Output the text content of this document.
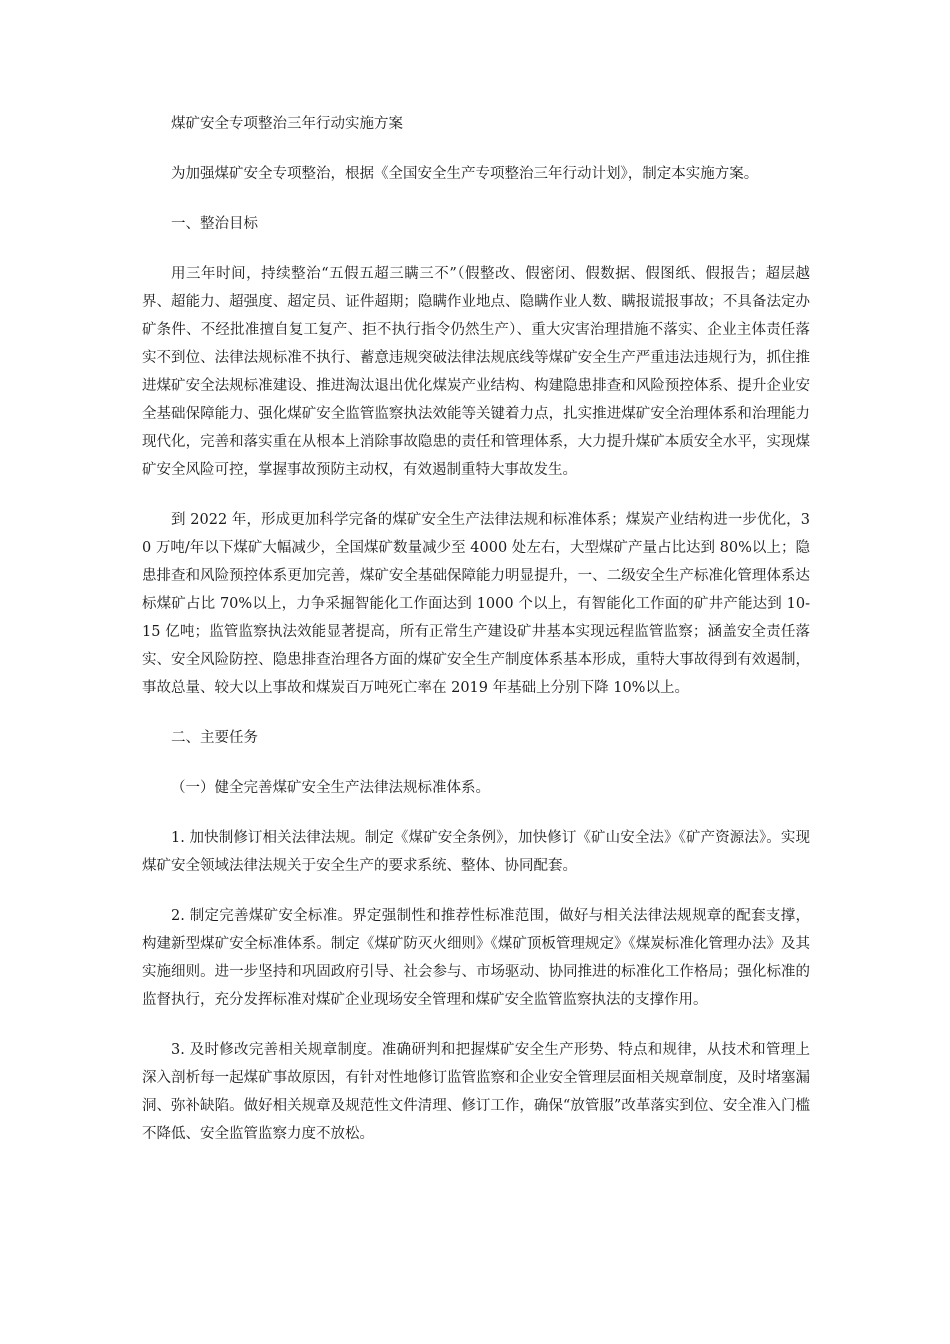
煤矿安全专项整治三年行动实施方案

为加强煤矿安全专项整治，根据《全国安全生产专项整治三年行动计划》，制定本实施方案。

一、整治目标

用三年时间，持续整治“五假五超三瞒三不”（假整改、假密闭、假数据、假图纸、假报告；超层越界、超能力、超强度、超定员、证件超期；隐瞒作业地点、隐瞒作业人数、瞒报谎报事故；不具备法定办矿条件、不经批准擅自复工复产、拒不执行指令仍然生产）、重大灾害治理措施不落实、企业主体责任落实不到位、法律法规标准不执行、蓄意违规突破法律法规底线等煤矿安全生产严重违法违规行为，抓住推进煤矿安全法规标准建设、推进淘汰退出优化煤炭产业结构、构建隐患排查和风险预控体系、提升企业安全基础保障能力、强化煤矿安全监管监察执法效能等关键着力点，扎实推进煤矿安全治理体系和治理能力现代化，完善和落实重在从根本上消除事故隐患的责任和管理体系，大力提升煤矿本质安全水平，实现煤矿安全风险可控，掌握事故预防主动权，有效遏制重特大事故发生。

到 2022 年，形成更加科学完备的煤矿安全生产法律法规和标准体系；煤炭产业结构进一步优化，30 万吨/年以下煤矿大幅减少，全国煤矿数量减少至 4000 处左右，大型煤矿产量占比达到 80%以上；隐患排查和风险预控体系更加完善，煤矿安全基础保障能力明显提升，一、二级安全生产标准化管理体系达标煤矿占比 70%以上，力争采掘智能化工作面达到 1000 个以上，有智能化工作面的矿井产能达到 10-15 亿吨；监管监察执法效能显著提高，所有正常生产建设矿井基本实现远程监管监察；涵盖安全责任落实、安全风险防控、隐患排查治理各方面的煤矿安全生产制度体系基本形成，重特大事故得到有效遏制，事故总量、较大以上事故和煤炭百万吨死亡率在 2019 年基础上分别下降 10%以上。

二、主要任务

（一）健全完善煤矿安全生产法律法规标准体系。

1. 加快制修订相关法律法规。制定《煤矿安全条例》，加快修订《矿山安全法》《矿产资源法》。实现煤矿安全领域法律法规关于安全生产的要求系统、整体、协同配套。

2. 制定完善煤矿安全标准。界定强制性和推荐性标准范围，做好与相关法律法规规章的配套支撑，构建新型煤矿安全标准体系。制定《煤矿防灭火细则》《煤矿顶板管理规定》《煤炭标准化管理办法》及其实施细则。进一步坚持和巩固政府引导、社会参与、市场驱动、协同推进的标准化工作格局；强化标准的监督执行，充分发挥标准对煤矿企业现场安全管理和煤矿安全监管监察执法的支撑作用。

3. 及时修改完善相关规章制度。准确研判和把握煤矿安全生产形势、特点和规律，从技术和管理上深入剖析每一起煤矿事故原因，有针对性地修订监管监察和企业安全管理层面相关规章制度，及时堵塞漏洞、弥补缺陷。做好相关规章及规范性文件清理、修订工作，确保“放管服”改革落实到位、安全准入门槛不降低、安全监管监察力度不放松。
